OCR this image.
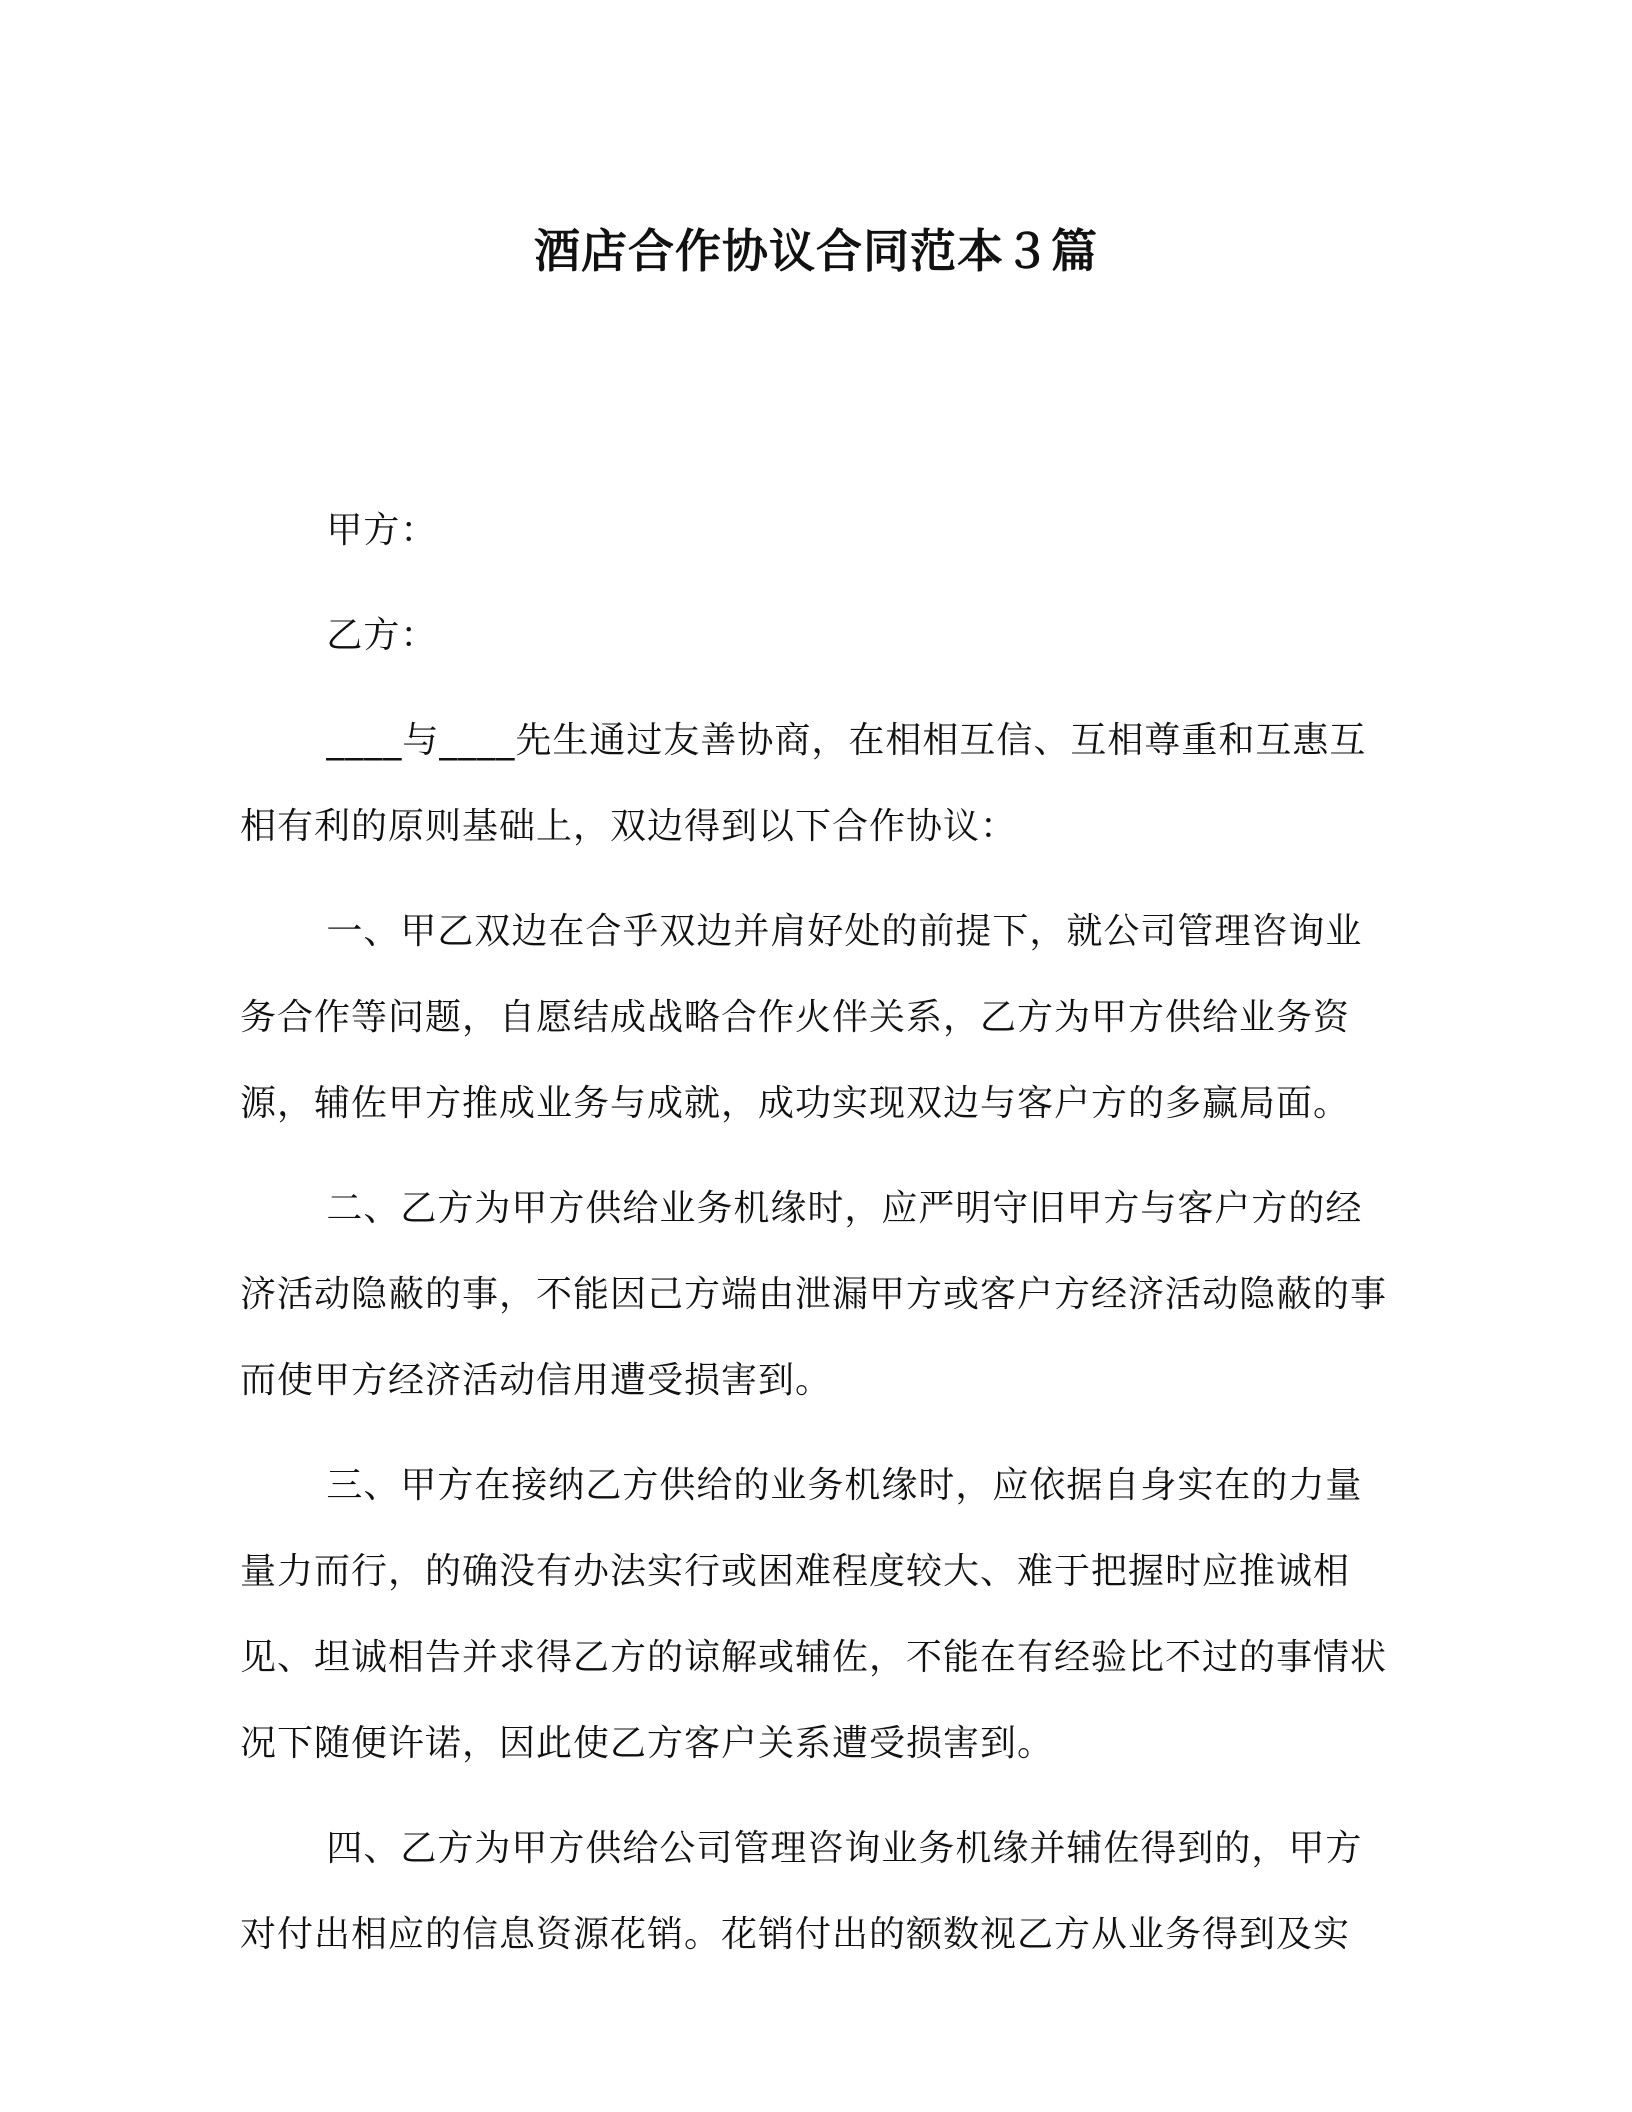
酒店合作协议合同范本３篇

甲方：

乙方：

____与____先生通过友善协商，在相相互信、互相尊重和互惠互相有利的原则基础上，双边得到以下合作协议：

一、甲乙双边在合乎双边并肩好处的前提下，就公司管理咨询业务合作等问题，自愿结成战略合作火伴关系，乙方为甲方供给业务资源，辅佐甲方推成业务与成就，成功实现双边与客户方的多赢局面。

二、乙方为甲方供给业务机缘时，应严明守旧甲方与客户方的经济活动隐蔽的事，不能因己方端由泄漏甲方或客户方经济活动隐蔽的事而使甲方经济活动信用遭受损害到。

三、甲方在接纳乙方供给的业务机缘时，应依据自身实在的力量量力而行，的确没有办法实行或困难程度较大、难于把握时应推诚相见、坦诚相告并求得乙方的谅解或辅佐，不能在有经验比不过的事情状况下随便许诺，因此使乙方客户关系遭受损害到。

四、乙方为甲方供给公司管理咨询业务机缘并辅佐得到的，甲方对付出相应的信息资源花销。花销付出的额数视乙方从业务得到及实
